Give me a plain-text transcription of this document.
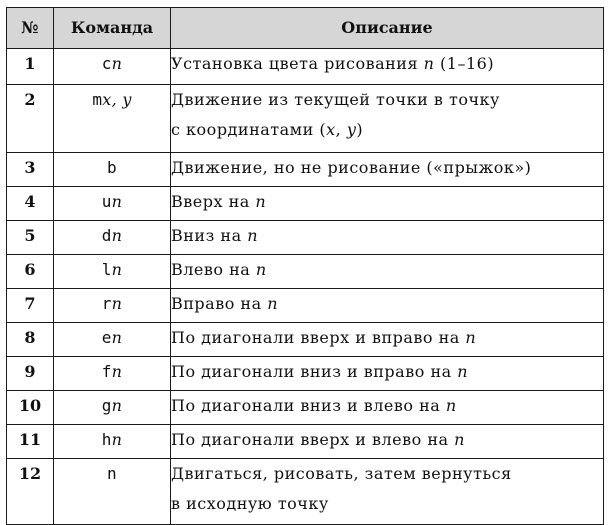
№	Команда	Описание
1	cn	Установка цвета рисования n (1–16)

2	mx, y	Движение из текущей точки в точку
с координатами (x, y)

3	b	Движение, но не рисование («прыжок»)

4	un	Вверх на n

5	dn	Вниз на n

6	ln	Влево на n

7	rn	Вправо на n

8	en	По диагонали вверх и вправо на n

9	fn	По диагонали вниз и вправо на n

10	gn	По диагонали вниз и влево на n

11	hn	По диагонали вверх и влево на n

12	n	Двигаться, рисовать, затем вернуться
в исходную точку
